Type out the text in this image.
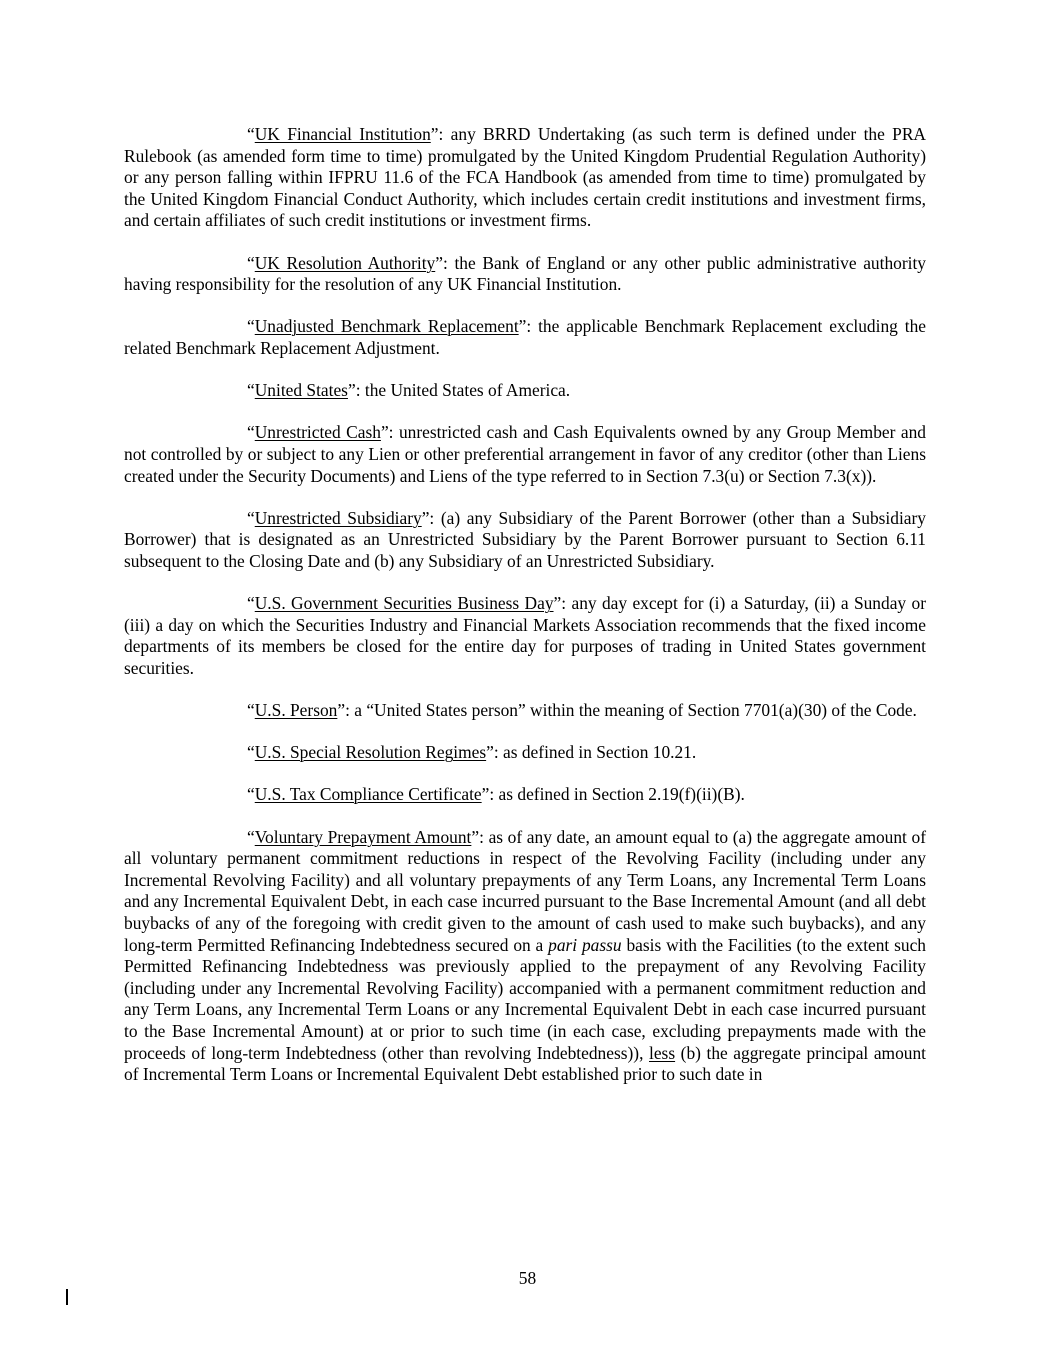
“UK Financial Institution”: any BRRD Undertaking (as such term is defined under the PRA Rulebook (as amended form time to time) promulgated by the United Kingdom Prudential Regulation Authority) or any person falling within IFPRU 11.6 of the FCA Handbook (as amended from time to time) promulgated by the United Kingdom Financial Conduct Authority, which includes certain credit institutions and investment firms, and certain affiliates of such credit institutions or investment firms.

“UK Resolution Authority”: the Bank of England or any other public administrative authority having responsibility for the resolution of any UK Financial Institution.

“Unadjusted Benchmark Replacement”: the applicable Benchmark Replacement excluding the related Benchmark Replacement Adjustment.

“United States”: the United States of America.

“Unrestricted Cash”: unrestricted cash and Cash Equivalents owned by any Group Member and not controlled by or subject to any Lien or other preferential arrangement in favor of any creditor (other than Liens created under the Security Documents) and Liens of the type referred to in Section 7.3(u) or Section 7.3(x)).

“Unrestricted Subsidiary”: (a) any Subsidiary of the Parent Borrower (other than a Subsidiary Borrower) that is designated as an Unrestricted Subsidiary by the Parent Borrower pursuant to Section 6.11 subsequent to the Closing Date and (b) any Subsidiary of an Unrestricted Subsidiary.

“U.S. Government Securities Business Day”: any day except for (i) a Saturday, (ii) a Sunday or (iii) a day on which the Securities Industry and Financial Markets Association recommends that the fixed income departments of its members be closed for the entire day for purposes of trading in United States government securities.

“U.S. Person”: a “United States person” within the meaning of Section 7701(a)(30) of the Code.

“U.S. Special Resolution Regimes”: as defined in Section 10.21.

“U.S. Tax Compliance Certificate”: as defined in Section 2.19(f)(ii)(B).

“Voluntary Prepayment Amount”: as of any date, an amount equal to (a) the aggregate amount of all voluntary permanent commitment reductions in respect of the Revolving Facility (including under any Incremental Revolving Facility) and all voluntary prepayments of any Term Loans, any Incremental Term Loans and any Incremental Equivalent Debt, in each case incurred pursuant to the Base Incremental Amount (and all debt buybacks of any of the foregoing with credit given to the amount of cash used to make such buybacks), and any long-term Permitted Refinancing Indebtedness secured on a pari passu basis with the Facilities (to the extent such Permitted Refinancing Indebtedness was previously applied to the prepayment of any Revolving Facility (including under any Incremental Revolving Facility) accompanied with a permanent commitment reduction and any Term Loans, any Incremental Term Loans or any Incremental Equivalent Debt in each case incurred pursuant to the Base Incremental Amount) at or prior to such time (in each case, excluding prepayments made with the proceeds of long-term Indebtedness (other than revolving Indebtedness)), less (b) the aggregate principal amount of Incremental Term Loans or Incremental Equivalent Debt established prior to such date in

58
